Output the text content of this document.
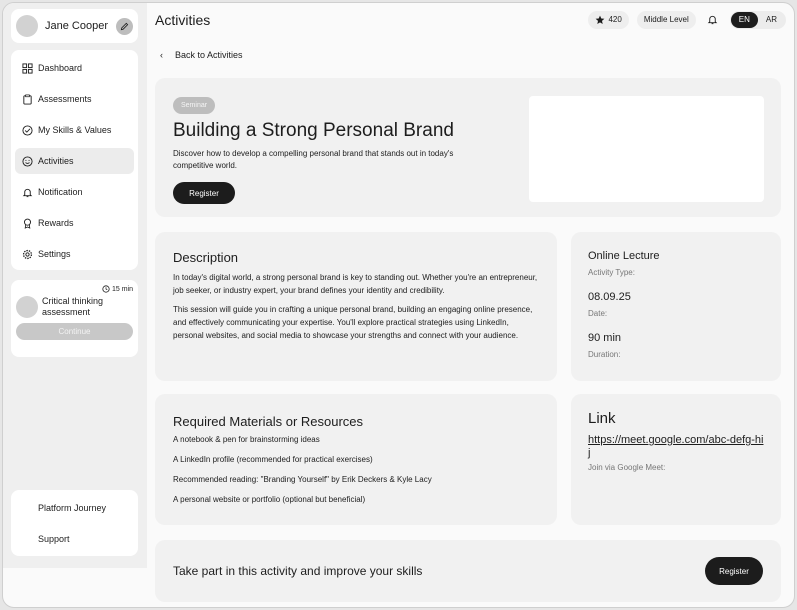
Jane Cooper
Dashboard
Assessments
My Skills & Values
Activities
Notification
Rewards
Settings
15 min
Critical thinking assessment
Continue
Platform Journey
Support
Activities	420	Middle Level	EN	AR
‹ Back to Activities
Seminar
Building a Strong Personal Brand

Discover how to develop a compelling personal brand that stands out in today's competitive world.

Register
Description

In today's digital world, a strong personal brand is key to standing out. Whether you're an entrepreneur, job seeker, or industry expert, your brand defines your identity and credibility.

This session will guide you in crafting a unique personal brand, building an engaging online presence, and effectively communicating your expertise. You'll explore practical strategies using LinkedIn, personal websites, and social media to showcase your strengths and connect with your audience.

Online Lecture
Activity Type:
08.09.25
Date:
90 min
Duration:
Required Materials or Resources
A notebook & pen for brainstorming ideas
A LinkedIn profile (recommended for practical exercises)
Recommended reading: "Branding Yourself" by Erik Deckers & Kyle Lacy
A personal website or portfolio (optional but beneficial)
Link
https://meet.google.com/abc-defg-hij
Join via Google Meet:
Take part in this activity and improve your skills	Register
